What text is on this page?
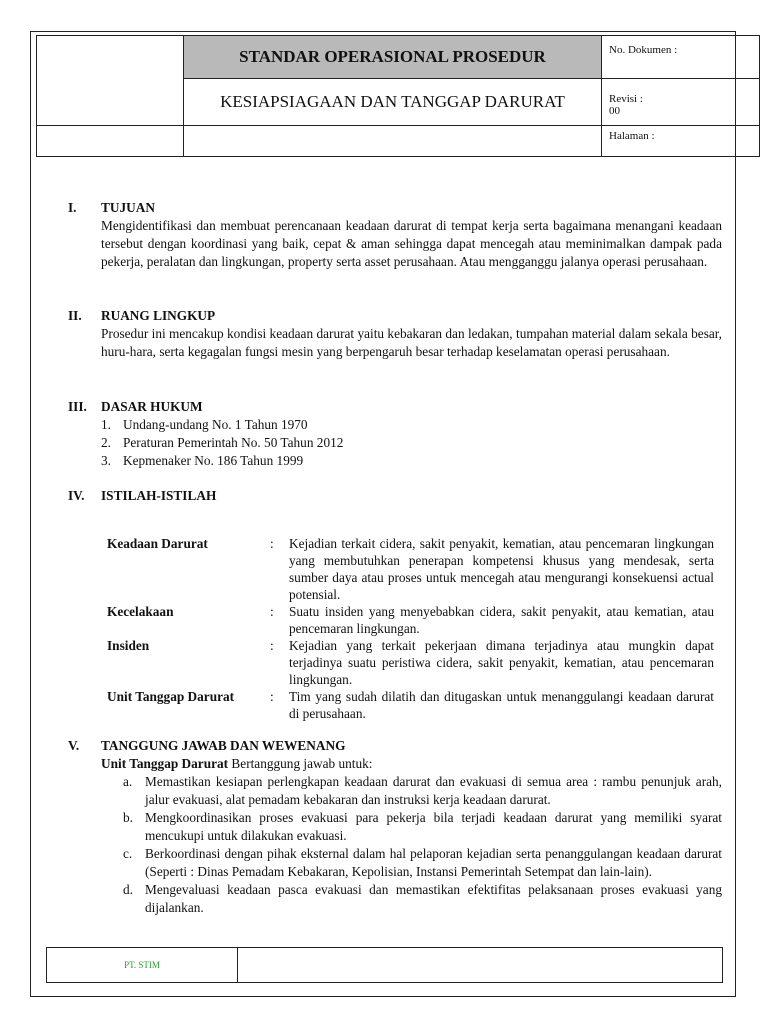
	STANDAR OPERASIONAL PROSEDUR	No. Dokumen :
	KESIAPSIAGAAN DAN TANGGAP DARURAT	Revisi :
00

		Halaman :
I.	TUJUAN
Mengidentifikasi dan membuat perencanaan keadaan darurat di tempat kerja serta bagaimana menangani keadaan tersebut dengan koordinasi yang baik, cepat & aman sehingga dapat mencegah atau meminimalkan dampak pada pekerja, peralatan dan lingkungan, property serta asset perusahaan. Atau mengganggu jalanya operasi perusahaan.
II.	RUANG LINGKUP
Prosedur ini mencakup kondisi keadaan darurat yaitu kebakaran dan ledakan, tumpahan material dalam sekala besar, huru-hara, serta kegagalan fungsi mesin yang berpengaruh besar terhadap keselamatan operasi perusahaan.
III.	DASAR HUKUM
1. Undang-undang No. 1 Tahun 1970
2. Peraturan Pemerintah No. 50 Tahun 2012
3. Kepmenaker No. 186 Tahun 1999
IV.	ISTILAH-ISTILAH
Keadaan Darurat	:	Kejadian terkait cidera, sakit penyakit, kematian, atau pencemaran lingkungan yang membutuhkan penerapan kompetensi khusus yang mendesak, serta sumber daya atau proses untuk mencegah atau mengurangi konsekuensi actual potensial.
Kecelakaan	:	Suatu insiden yang menyebabkan cidera, sakit penyakit, atau kematian, atau pencemaran lingkungan.
Insiden	:	Kejadian yang terkait pekerjaan dimana terjadinya atau mungkin dapat terjadinya suatu peristiwa cidera, sakit penyakit, kematian, atau pencemaran lingkungan.
Unit Tanggap Darurat	:	Tim yang sudah dilatih dan ditugaskan untuk menanggulangi keadaan darurat di perusahaan.
V.	TANGGUNG JAWAB DAN WEWENANG
Unit Tanggap Darurat Bertanggung jawab untuk:
a. Memastikan kesiapan perlengkapan keadaan darurat dan evakuasi di semua area : rambu penunjuk arah, jalur evakuasi, alat pemadam kebakaran dan instruksi kerja keadaan darurat.
b. Mengkoordinasikan proses evakuasi para pekerja bila terjadi keadaan darurat yang memiliki syarat mencukupi untuk dilakukan evakuasi.
c. Berkoordinasi dengan pihak eksternal dalam hal pelaporan kejadian serta penanggulangan keadaan darurat (Seperti : Dinas Pemadam Kebakaran, Kepolisian, Instansi Pemerintah Setempat dan lain-lain).
d. Mengevaluasi keadaan pasca evakuasi dan memastikan efektifitas pelaksanaan proses evakuasi yang dijalankan.
PT. STIM	
